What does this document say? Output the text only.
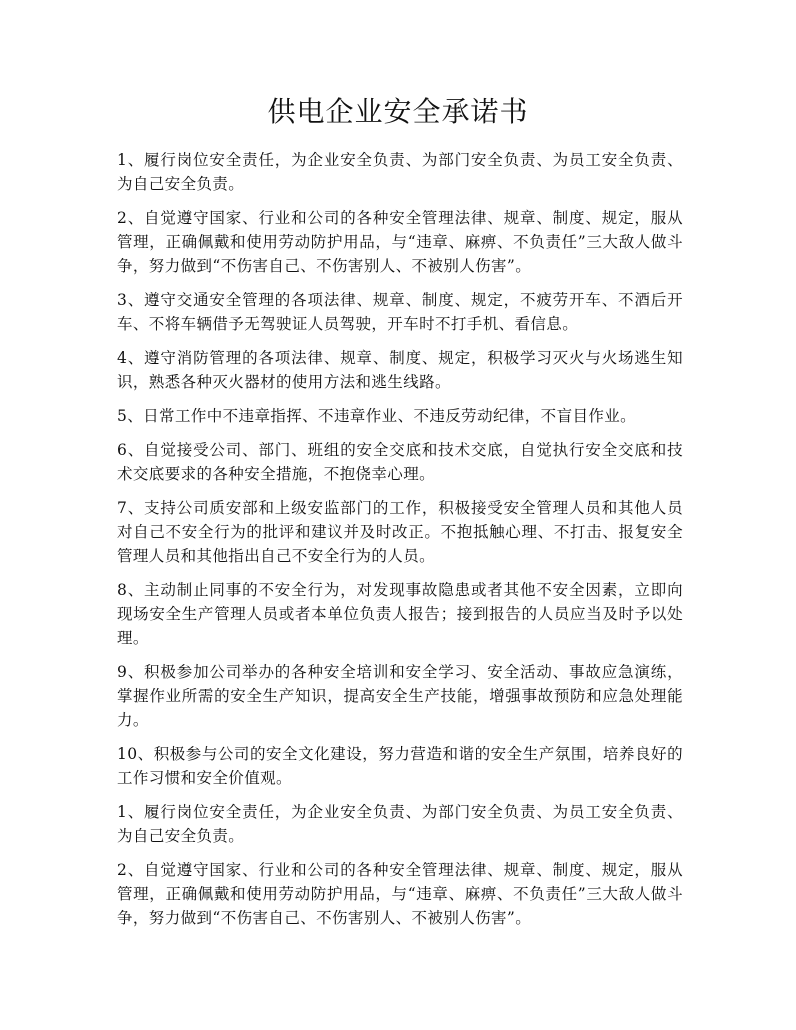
供电企业安全承诺书

1、履行岗位安全责任，为企业安全负责、为部门安全负责、为员工安全负责、为自己安全负责。

2、自觉遵守国家、行业和公司的各种安全管理法律、规章、制度、规定，服从管理，正确佩戴和使用劳动防护用品，与“违章、麻痹、不负责任”三大敌人做斗争，努力做到“不伤害自己、不伤害别人、不被别人伤害”。

3、遵守交通安全管理的各项法律、规章、制度、规定，不疲劳开车、不酒后开车、不将车辆借予无驾驶证人员驾驶，开车时不打手机、看信息。

4、遵守消防管理的各项法律、规章、制度、规定，积极学习灭火与火场逃生知识，熟悉各种灭火器材的使用方法和逃生线路。

5、日常工作中不违章指挥、不违章作业、不违反劳动纪律，不盲目作业。

6、自觉接受公司、部门、班组的安全交底和技术交底，自觉执行安全交底和技术交底要求的各种安全措施，不抱侥幸心理。

7、支持公司质安部和上级安监部门的工作，积极接受安全管理人员和其他人员对自己不安全行为的批评和建议并及时改正。不抱抵触心理、不打击、报复安全管理人员和其他指出自己不安全行为的人员。

8、主动制止同事的不安全行为，对发现事故隐患或者其他不安全因素，立即向现场安全生产管理人员或者本单位负责人报告；接到报告的人员应当及时予以处理。

9、积极参加公司举办的各种安全培训和安全学习、安全活动、事故应急演练，掌握作业所需的安全生产知识，提高安全生产技能，增强事故预防和应急处理能力。

10、积极参与公司的安全文化建设，努力营造和谐的安全生产氛围，培养良好的工作习惯和安全价值观。

1、履行岗位安全责任，为企业安全负责、为部门安全负责、为员工安全负责、为自己安全负责。

2、自觉遵守国家、行业和公司的各种安全管理法律、规章、制度、规定，服从管理，正确佩戴和使用劳动防护用品，与“违章、麻痹、不负责任”三大敌人做斗争，努力做到“不伤害自己、不伤害别人、不被别人伤害”。
